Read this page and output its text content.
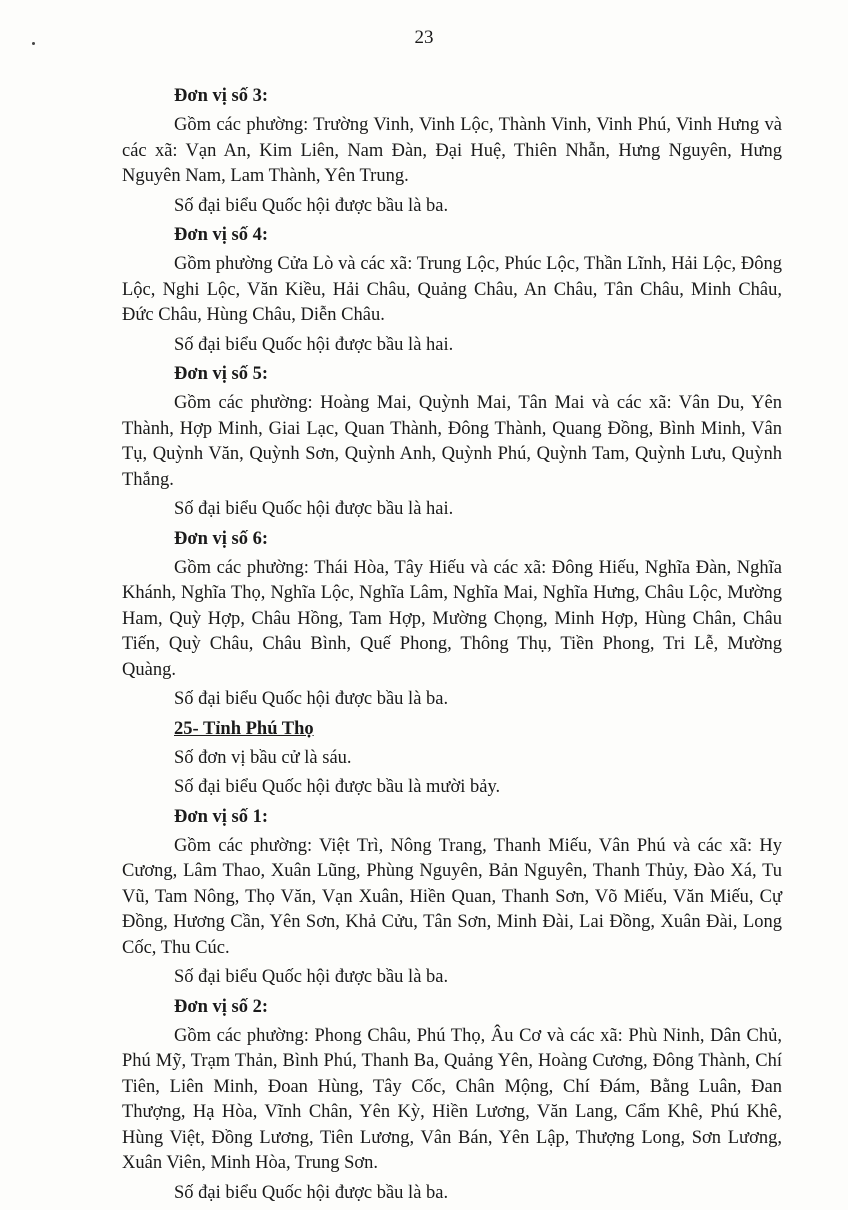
23

Đơn vị số 3:

Gồm các phường: Trường Vinh, Vinh Lộc, Thành Vinh, Vinh Phú, Vinh Hưng và các xã: Vạn An, Kim Liên, Nam Đàn, Đại Huệ, Thiên Nhẫn, Hưng Nguyên, Hưng Nguyên Nam, Lam Thành, Yên Trung.

Số đại biểu Quốc hội được bầu là ba.

Đơn vị số 4:

Gồm phường Cửa Lò và các xã: Trung Lộc, Phúc Lộc, Thần Lĩnh, Hải Lộc, Đông Lộc, Nghi Lộc, Văn Kiều, Hải Châu, Quảng Châu, An Châu, Tân Châu, Minh Châu, Đức Châu, Hùng Châu, Diễn Châu.

Số đại biểu Quốc hội được bầu là hai.

Đơn vị số 5:

Gồm các phường: Hoàng Mai, Quỳnh Mai, Tân Mai và các xã: Vân Du, Yên Thành, Hợp Minh, Giai Lạc, Quan Thành, Đông Thành, Quang Đồng, Bình Minh, Vân Tụ, Quỳnh Văn, Quỳnh Sơn, Quỳnh Anh, Quỳnh Phú, Quỳnh Tam, Quỳnh Lưu, Quỳnh Thắng.

Số đại biểu Quốc hội được bầu là hai.

Đơn vị số 6:

Gồm các phường: Thái Hòa, Tây Hiếu và các xã: Đông Hiếu, Nghĩa Đàn, Nghĩa Khánh, Nghĩa Thọ, Nghĩa Lộc, Nghĩa Lâm, Nghĩa Mai, Nghĩa Hưng, Châu Lộc, Mường Ham, Quỳ Hợp, Châu Hồng, Tam Hợp, Mường Chọng, Minh Hợp, Hùng Chân, Châu Tiến, Quỳ Châu, Châu Bình, Quế Phong, Thông Thụ, Tiền Phong, Tri Lễ, Mường Quàng.

Số đại biểu Quốc hội được bầu là ba.

25- Tỉnh Phú Thọ

Số đơn vị bầu cử là sáu.

Số đại biểu Quốc hội được bầu là mười bảy.

Đơn vị số 1:

Gồm các phường: Việt Trì, Nông Trang, Thanh Miếu, Vân Phú và các xã: Hy Cương, Lâm Thao, Xuân Lũng, Phùng Nguyên, Bản Nguyên, Thanh Thủy, Đào Xá, Tu Vũ, Tam Nông, Thọ Văn, Vạn Xuân, Hiền Quan, Thanh Sơn, Võ Miếu, Văn Miếu, Cự Đồng, Hương Cần, Yên Sơn, Khả Cửu, Tân Sơn, Minh Đài, Lai Đồng, Xuân Đài, Long Cốc, Thu Cúc.

Số đại biểu Quốc hội được bầu là ba.

Đơn vị số 2:

Gồm các phường: Phong Châu, Phú Thọ, Âu Cơ và các xã: Phù Ninh, Dân Chủ, Phú Mỹ, Trạm Thản, Bình Phú, Thanh Ba, Quảng Yên, Hoàng Cương, Đông Thành, Chí Tiên, Liên Minh, Đoan Hùng, Tây Cốc, Chân Mộng, Chí Đám, Bằng Luân, Đan Thượng, Hạ Hòa, Vĩnh Chân, Yên Kỳ, Hiền Lương, Văn Lang, Cẩm Khê, Phú Khê, Hùng Việt, Đồng Lương, Tiên Lương, Vân Bán, Yên Lập, Thượng Long, Sơn Lương, Xuân Viên, Minh Hòa, Trung Sơn.

Số đại biểu Quốc hội được bầu là ba.
